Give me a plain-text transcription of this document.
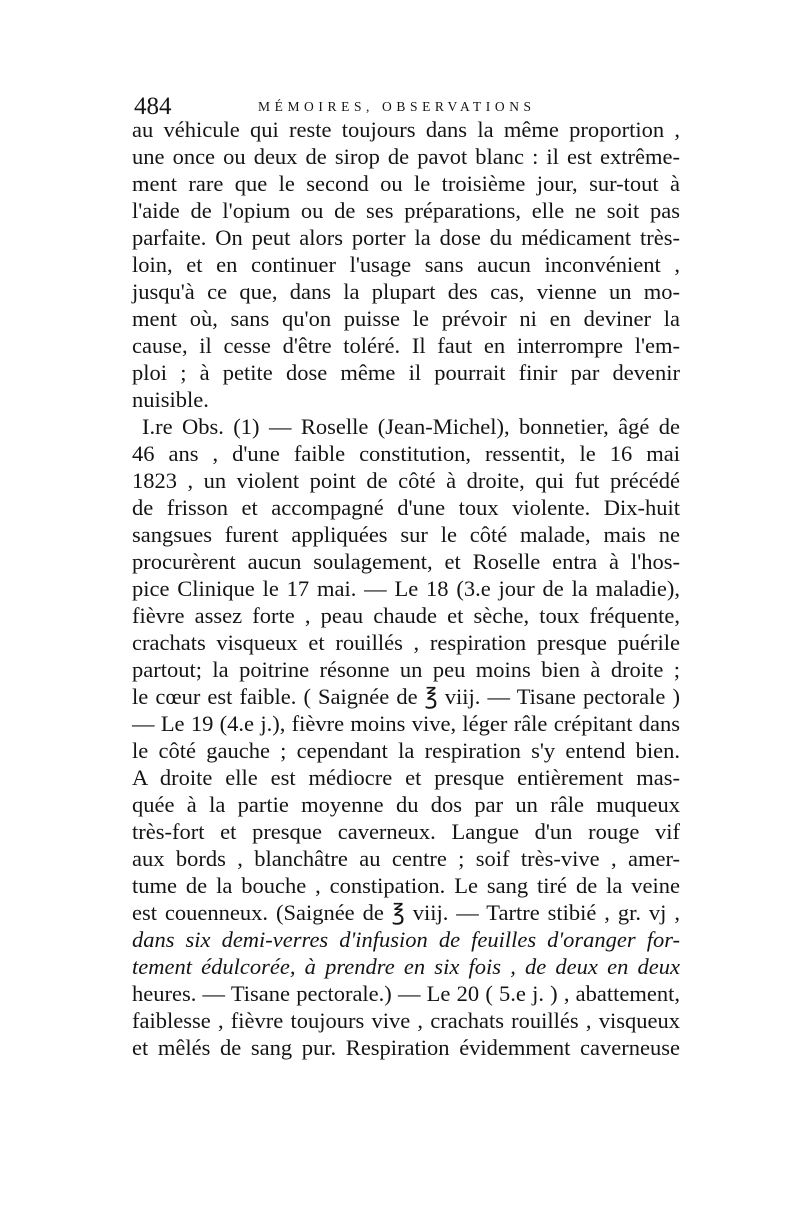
484	MÉMOIRES, OBSERVATIONS
au véhicule qui reste toujours dans la même proportion ,
une once ou deux de sirop de pavot blanc : il est extrême-
ment rare que le second ou le troisième jour, sur-tout à
l'aide de l'opium ou de ses préparations, elle ne soit pas
parfaite. On peut alors porter la dose du médicament très-
loin, et en continuer l'usage sans aucun inconvénient ,
jusqu'à ce que, dans la plupart des cas, vienne un mo-
ment où, sans qu'on puisse le prévoir ni en deviner la
cause, il cesse d'être toléré. Il faut en interrompre l'em-
ploi ; à petite dose même il pourrait finir par devenir
nuisible.
I.re Obs. (1) — Roselle (Jean-Michel), bonnetier, âgé de
46 ans , d'une faible constitution, ressentit, le 16 mai
1823 , un violent point de côté à droite, qui fut précédé
de frisson et accompagné d'une toux violente. Dix-huit
sangsues furent appliquées sur le côté malade, mais ne
procurèrent aucun soulagement, et Roselle entra à l'hos-
pice Clinique le 17 mai. — Le 18 (3.e jour de la maladie),
fièvre assez forte , peau chaude et sèche, toux fréquente,
crachats visqueux et rouillés , respiration presque puérile
partout; la poitrine résonne un peu moins bien à droite ;
le cœur est faible. ( Saignée de ℥ viij. — Tisane pectorale )
— Le 19 (4.e j.), fièvre moins vive, léger râle crépitant dans
le côté gauche ; cependant la respiration s'y entend bien.
A droite elle est médiocre et presque entièrement mas-
quée à la partie moyenne du dos par un râle muqueux
très-fort et presque caverneux. Langue d'un rouge vif
aux bords , blanchâtre au centre ; soif très-vive , amer-
tume de la bouche , constipation. Le sang tiré de la veine
est couenneux. (Saignée de ℥ viij. — Tartre stibié , gr. vj ,
dans six demi-verres d'infusion de feuilles d'oranger for-
tement édulcorée, à prendre en six fois , de deux en deux
heures. — Tisane pectorale.) — Le 20 ( 5.e j. ) , abattement,
faiblesse , fièvre toujours vive , crachats rouillés , visqueux
et mêlés de sang pur. Respiration évidemment caverneuse
